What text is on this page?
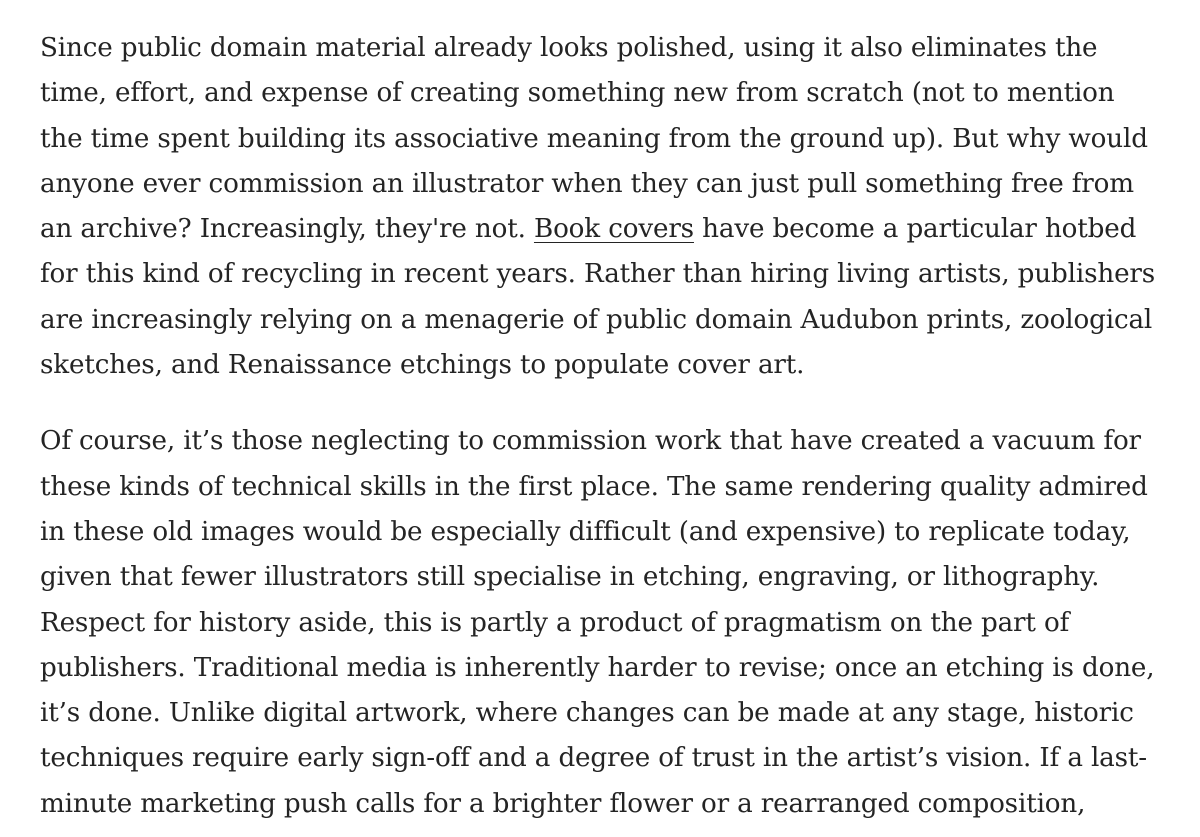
Since public domain material already looks polished, using it also eliminates the
time, effort, and expense of creating something new from scratch (not to mention
the time spent building its associative meaning from the ground up). But why would
anyone ever commission an illustrator when they can just pull something free from
an archive? Increasingly, they're not. Book covers have become a particular hotbed
for this kind of recycling in recent years. Rather than hiring living artists, publishers
are increasingly relying on a menagerie of public domain Audubon prints, zoological
sketches, and Renaissance etchings to populate cover art.

Of course, it’s those neglecting to commission work that have created a vacuum for
these kinds of technical skills in the first place. The same rendering quality admired
in these old images would be especially difficult (and expensive) to replicate today,
given that fewer illustrators still specialise in etching, engraving, or lithography.
Respect for history aside, this is partly a product of pragmatism on the part of
publishers. Traditional media is inherently harder to revise; once an etching is done,
it’s done. Unlike digital artwork, where changes can be made at any stage, historic
techniques require early sign-off and a degree of trust in the artist’s vision. If a last-
minute marketing push calls for a brighter flower or a rearranged composition,
